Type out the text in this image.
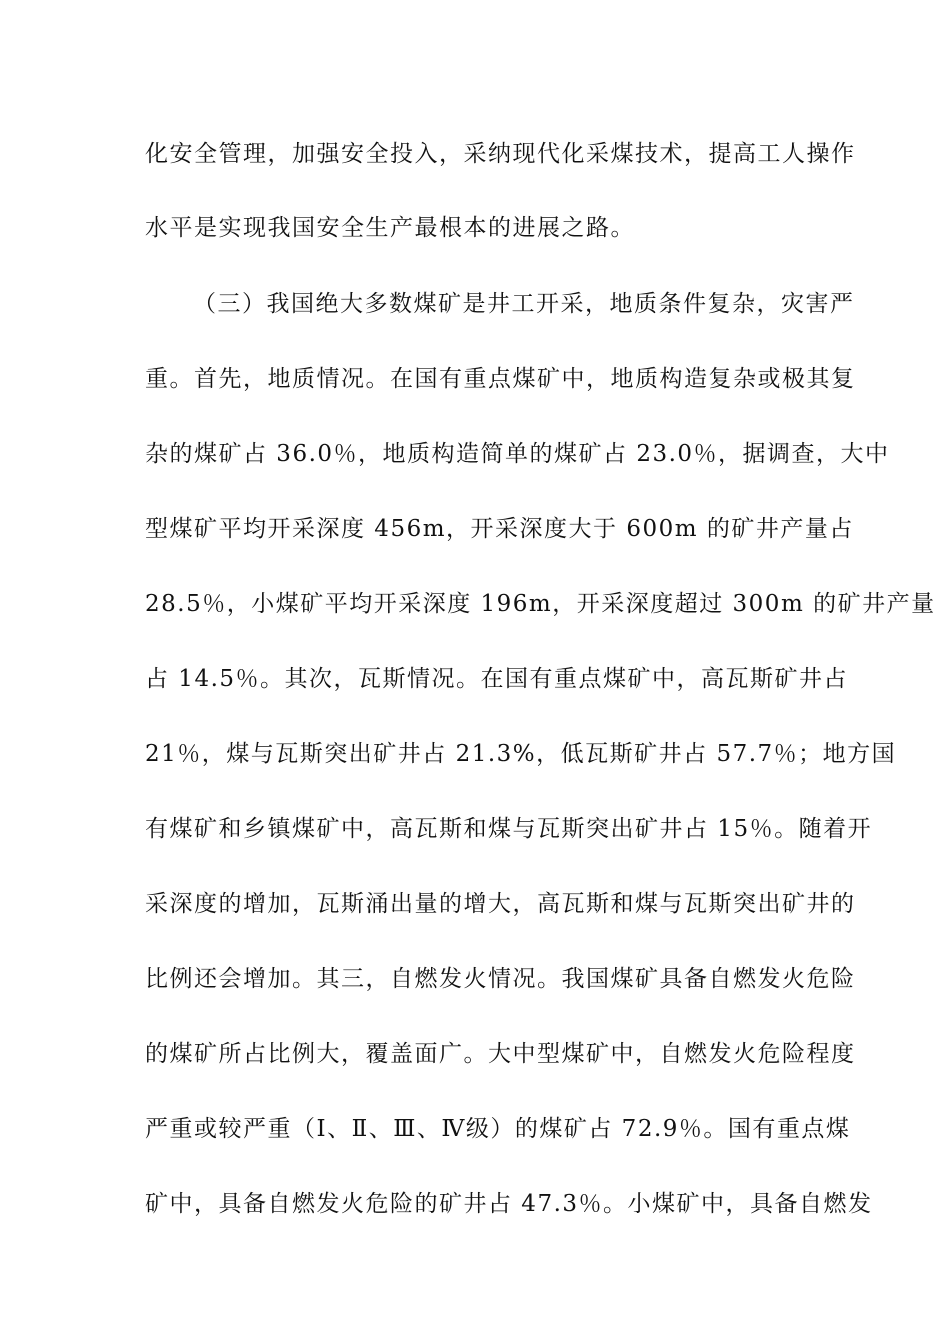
化安全管理，加强安全投入，采纳现代化采煤技术，提高工人操作
水平是实现我国安全生产最根本的进展之路。
（三）我国绝大多数煤矿是井工开采，地质条件复杂，灾害严
重。首先，地质情况。在国有重点煤矿中，地质构造复杂或极其复
杂的煤矿占 36.0％，地质构造简单的煤矿占 23.0％，据调查，大中
型煤矿平均开采深度 456m，开采深度大于 600m 的矿井产量占
28.5％，小煤矿平均开采深度 196m，开采深度超过 300m 的矿井产量
占 14.5％。其次，瓦斯情况。在国有重点煤矿中，高瓦斯矿井占
21％，煤与瓦斯突出矿井占 21.3%，低瓦斯矿井占 57.7％；地方国
有煤矿和乡镇煤矿中，高瓦斯和煤与瓦斯突出矿井占 15％。随着开
采深度的增加，瓦斯涌出量的增大，高瓦斯和煤与瓦斯突出矿井的
比例还会增加。其三，自燃发火情况。我国煤矿具备自燃发火危险
的煤矿所占比例大，覆盖面广。大中型煤矿中，自燃发火危险程度
严重或较严重（Ⅰ、Ⅱ、Ⅲ、Ⅳ级）的煤矿占 72.9％。国有重点煤
矿中，具备自燃发火危险的矿井占 47.3％。小煤矿中，具备自燃发
